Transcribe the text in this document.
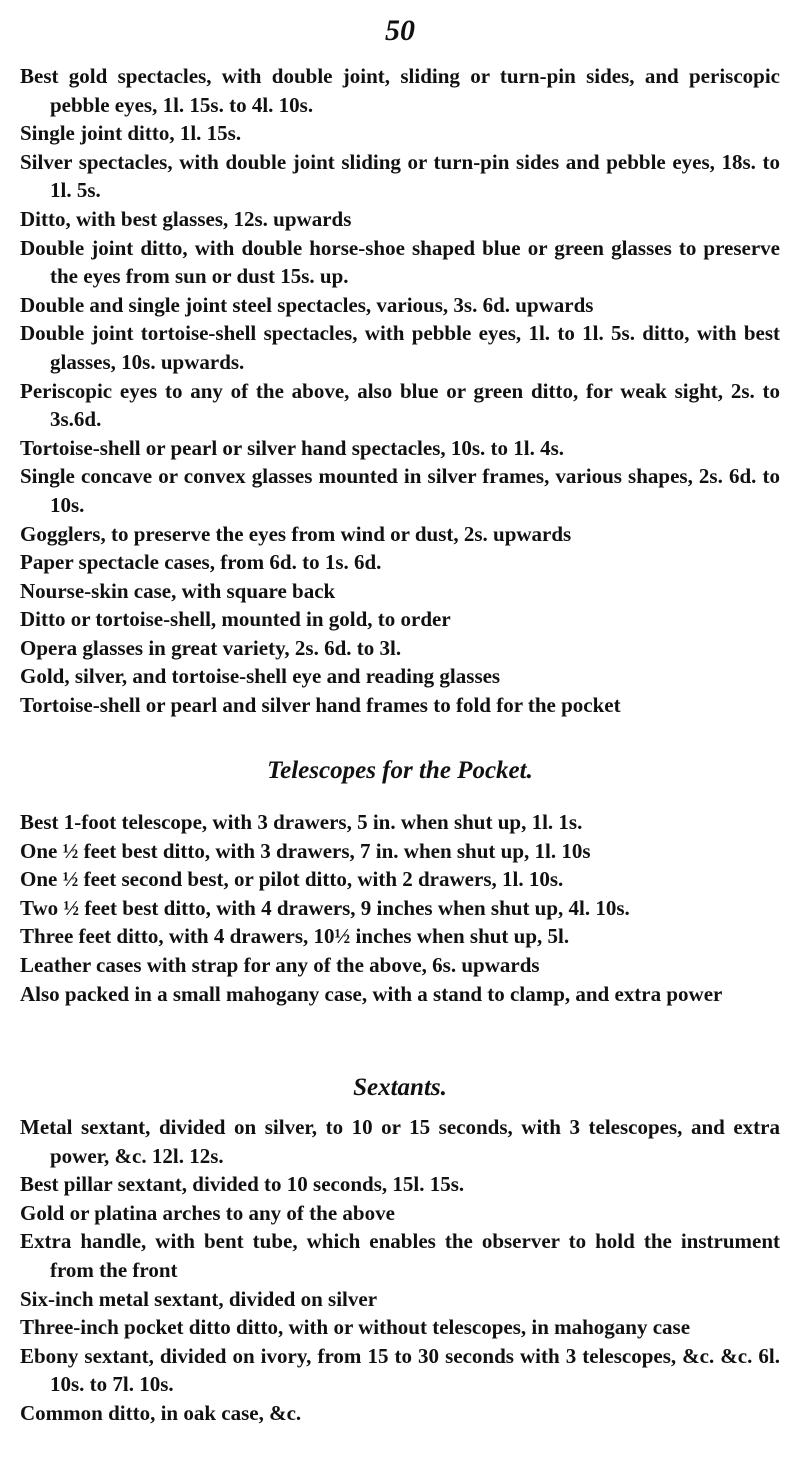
50
Best gold spectacles, with double joint, sliding or turn-pin sides, and periscopic pebble eyes, 1l. 15s. to 4l. 10s.
Single joint ditto, 1l. 15s.
Silver spectacles, with double joint sliding or turn-pin sides and pebble eyes, 18s. to 1l. 5s.
Ditto, with best glasses, 12s. upwards
Double joint ditto, with double horse-shoe shaped blue or green glasses to preserve the eyes from sun or dust 15s. up.
Double and single joint steel spectacles, various, 3s. 6d. upwards
Double joint tortoise-shell spectacles, with pebble eyes, 1l. to 1l. 5s. ditto, with best glasses, 10s. upwards.
Periscopic eyes to any of the above, also blue or green ditto, for weak sight, 2s. to 3s.6d.
Tortoise-shell or pearl or silver hand spectacles, 10s. to 1l. 4s.
Single concave or convex glasses mounted in silver frames, various shapes, 2s. 6d. to 10s.
Gogglers, to preserve the eyes from wind or dust, 2s. upwards
Paper spectacle cases, from 6d. to 1s. 6d.
Nourse-skin case, with square back
Ditto or tortoise-shell, mounted in gold, to order
Opera glasses in great variety, 2s. 6d. to 3l.
Gold, silver, and tortoise-shell eye and reading glasses
Tortoise-shell or pearl and silver hand frames to fold for the pocket
Telescopes for the Pocket.
Best 1-foot telescope, with 3 drawers, 5 in. when shut up, 1l. 1s.
One ½ feet best ditto, with 3 drawers, 7 in. when shut up, 1l. 10s
One ½ feet second best, or pilot ditto, with 2 drawers, 1l. 10s.
Two ½ feet best ditto, with 4 drawers, 9 inches when shut up, 4l. 10s.
Three feet ditto, with 4 drawers, 10½ inches when shut up, 5l.
Leather cases with strap for any of the above, 6s. upwards
Also packed in a small mahogany case, with a stand to clamp, and extra power
Sextants.
Metal sextant, divided on silver, to 10 or 15 seconds, with 3 telescopes, and extra power, &c. 12l. 12s.
Best pillar sextant, divided to 10 seconds, 15l. 15s.
Gold or platina arches to any of the above
Extra handle, with bent tube, which enables the observer to hold the instrument from the front
Six-inch metal sextant, divided on silver
Three-inch pocket ditto ditto, with or without telescopes, in mahogany case
Ebony sextant, divided on ivory, from 15 to 30 seconds with 3 telescopes, &c. &c. 6l. 10s. to 7l. 10s.
Common ditto, in oak case, &c.
